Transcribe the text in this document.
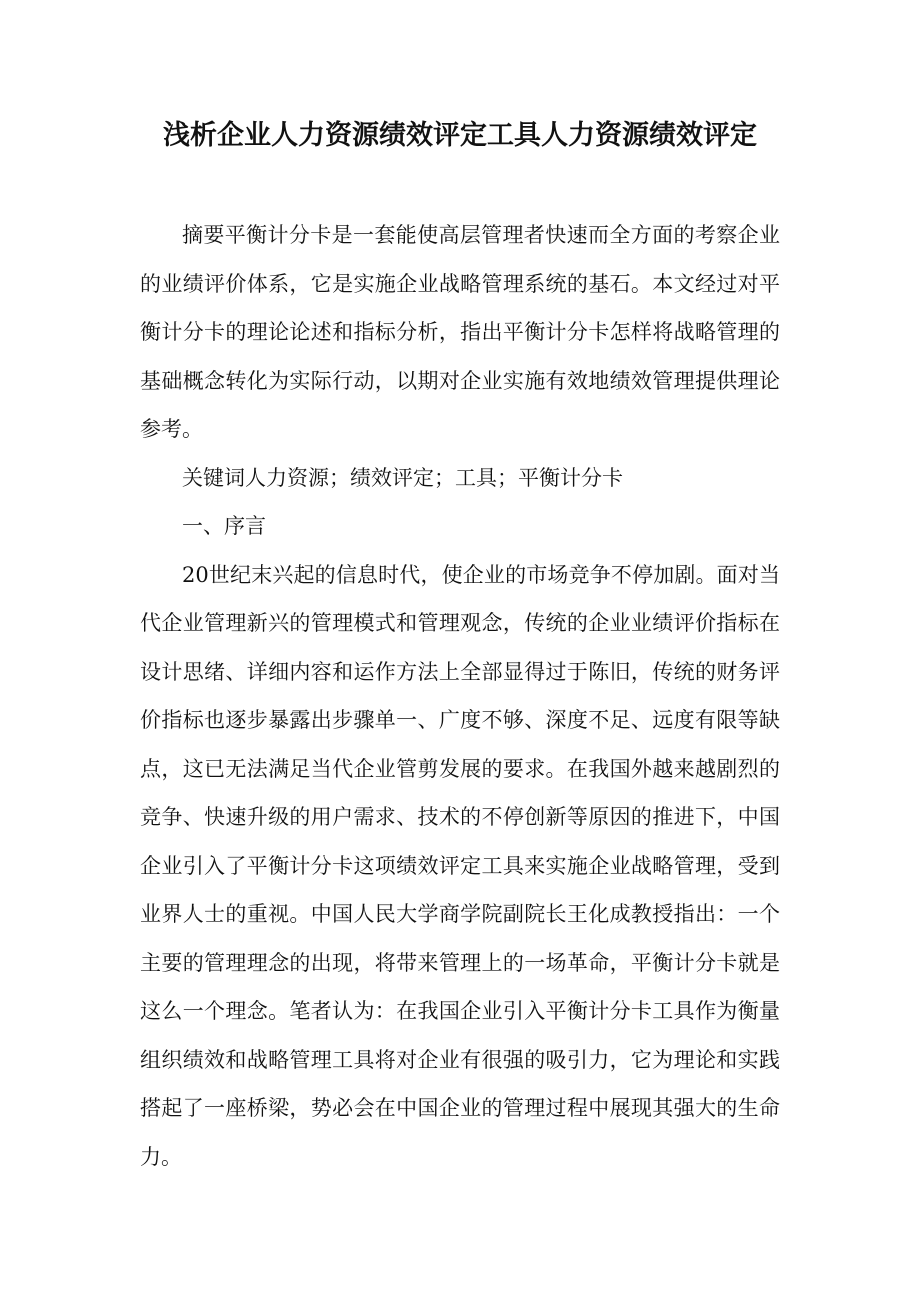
浅析企业人力资源绩效评定工具人力资源绩效评定

摘要平衡计分卡是一套能使高层管理者快速而全方面的考察企业的业绩评价体系，它是实施企业战略管理系统的基石。本文经过对平衡计分卡的理论论述和指标分析，指出平衡计分卡怎样将战略管理的基础概念转化为实际行动，以期对企业实施有效地绩效管理提供理论参考。

关键词人力资源；绩效评定；工具；平衡计分卡

一、序言

20世纪末兴起的信息时代，使企业的市场竞争不停加剧。面对当代企业管理新兴的管理模式和管理观念，传统的企业业绩评价指标在设计思绪、详细内容和运作方法上全部显得过于陈旧，传统的财务评价指标也逐步暴露出步骤单一、广度不够、深度不足、远度有限等缺点，这已无法满足当代企业管剪发展的要求。在我国外越来越剧烈的竞争、快速升级的用户需求、技术的不停创新等原因的推进下，中国企业引入了平衡计分卡这项绩效评定工具来实施企业战略管理，受到业界人士的重视。中国人民大学商学院副院长王化成教授指出：一个主要的管理理念的出现，将带来管理上的一场革命，平衡计分卡就是这么一个理念。笔者认为：在我国企业引入平衡计分卡工具作为衡量组织绩效和战略管理工具将对企业有很强的吸引力，它为理论和实践搭起了一座桥梁，势必会在中国企业的管理过程中展现其强大的生命力。
